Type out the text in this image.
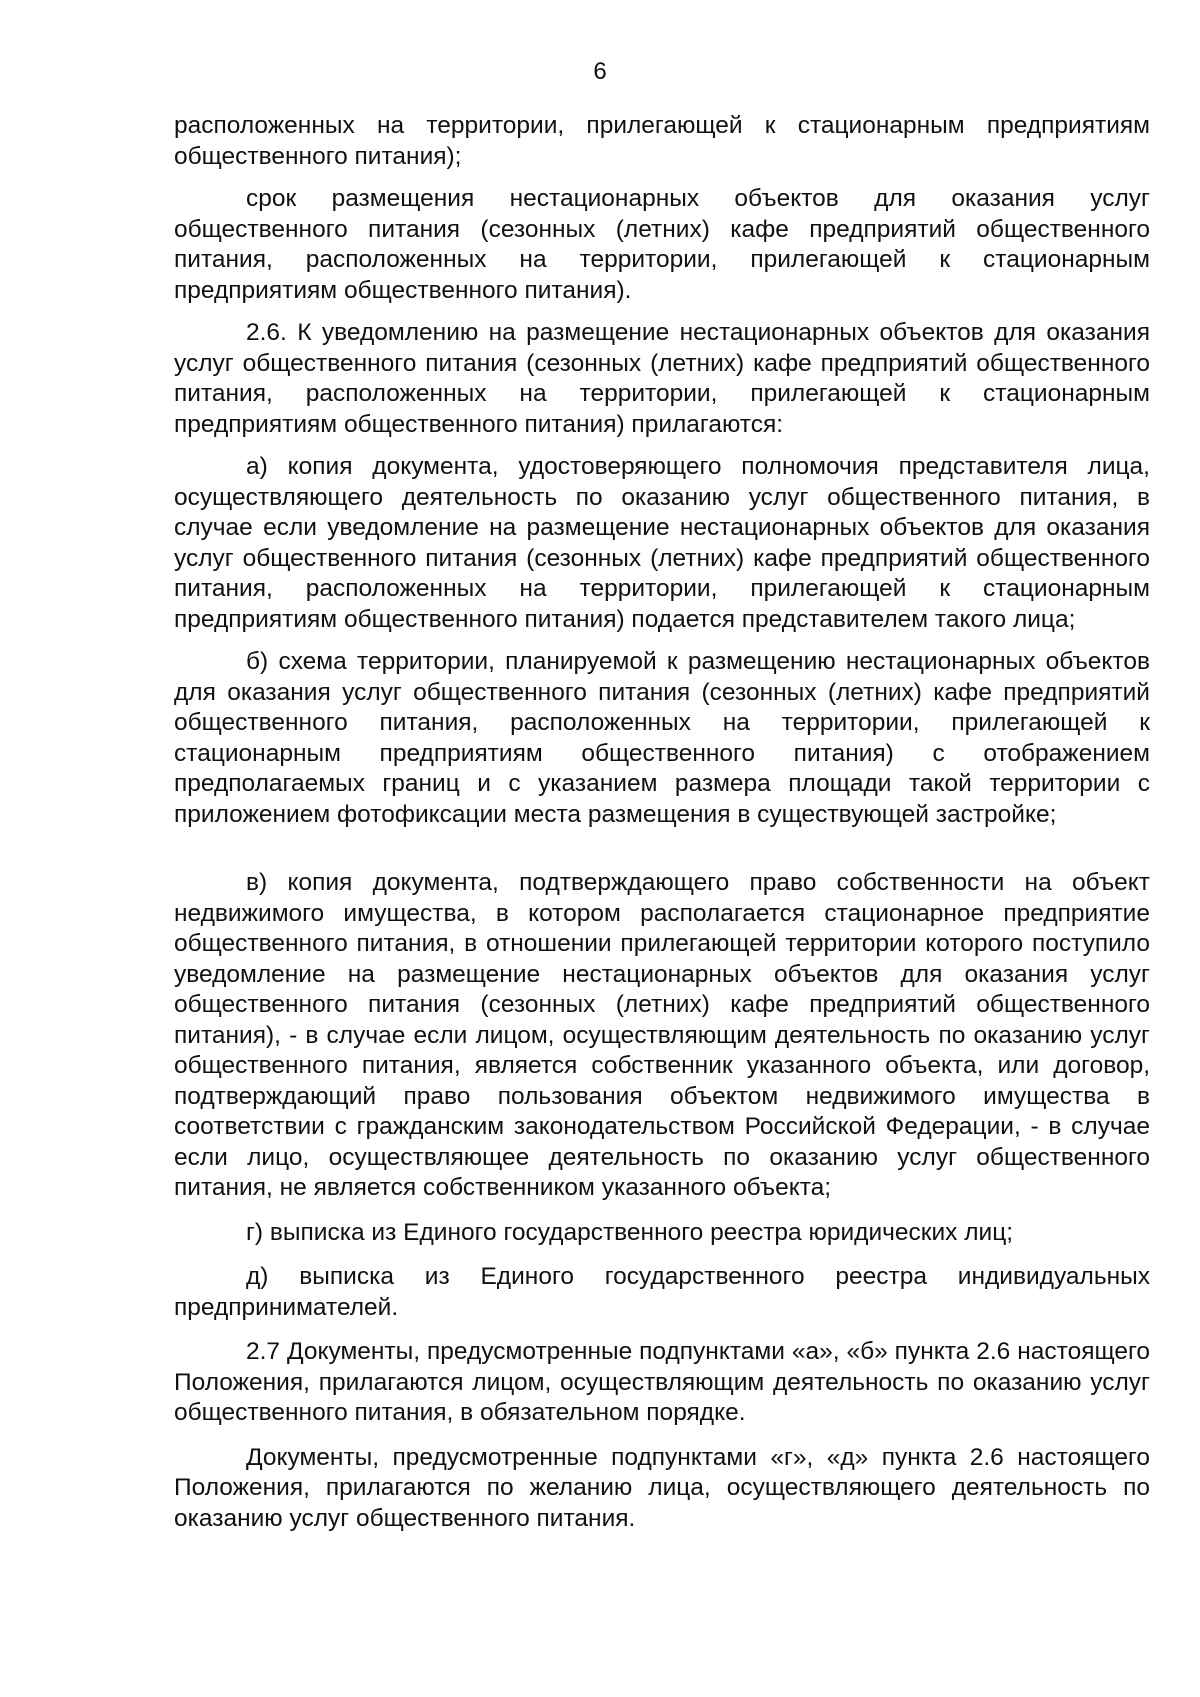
6

расположенных на территории, прилегающей к стационарным предприятиям общественного питания);

срок размещения нестационарных объектов для оказания услуг общественного питания (сезонных (летних) кафе предприятий общественного питания, расположенных на территории, прилегающей к стационарным предприятиям общественного питания).

2.6. К уведомлению на размещение нестационарных объектов для оказания услуг общественного питания (сезонных (летних) кафе предприятий общественного питания, расположенных на территории, прилегающей к стационарным предприятиям общественного питания) прилагаются:

а) копия документа, удостоверяющего полномочия представителя лица, осуществляющего деятельность по оказанию услуг общественного питания, в случае если уведомление на размещение нестационарных объектов для оказания услуг общественного питания (сезонных (летних) кафе предприятий общественного питания, расположенных на территории, прилегающей к стационарным предприятиям общественного питания) подается представителем такого лица;

б) схема территории, планируемой к размещению нестационарных объектов для оказания услуг общественного питания (сезонных (летних) кафе предприятий общественного питания, расположенных на территории, прилегающей к стационарным предприятиям общественного питания) с отображением предполагаемых границ и с указанием размера площади такой территории с приложением фотофиксации места размещения в существующей застройке;

в) копия документа, подтверждающего право собственности на объект недвижимого имущества, в котором располагается стационарное предприятие общественного питания, в отношении прилегающей территории которого поступило уведомление на размещение нестационарных объектов для оказания услуг общественного питания (сезонных (летних) кафе предприятий общественного питания), - в случае если лицом, осуществляющим деятельность по оказанию услуг общественного питания, является собственник указанного объекта, или договор, подтверждающий право пользования объектом недвижимого имущества в соответствии с гражданским законодательством Российской Федерации, - в случае если лицо, осуществляющее деятельность по оказанию услуг общественного питания, не является собственником указанного объекта;

г) выписка из Единого государственного реестра юридических лиц;

д) выписка из Единого государственного реестра индивидуальных предпринимателей.

2.7 Документы, предусмотренные подпунктами «а», «б» пункта 2.6 настоящего Положения, прилагаются лицом, осуществляющим деятельность по оказанию услуг общественного питания, в обязательном порядке.

Документы, предусмотренные подпунктами «г», «д» пункта 2.6 настоящего Положения, прилагаются по желанию лица, осуществляющего деятельность по оказанию услуг общественного питания.
